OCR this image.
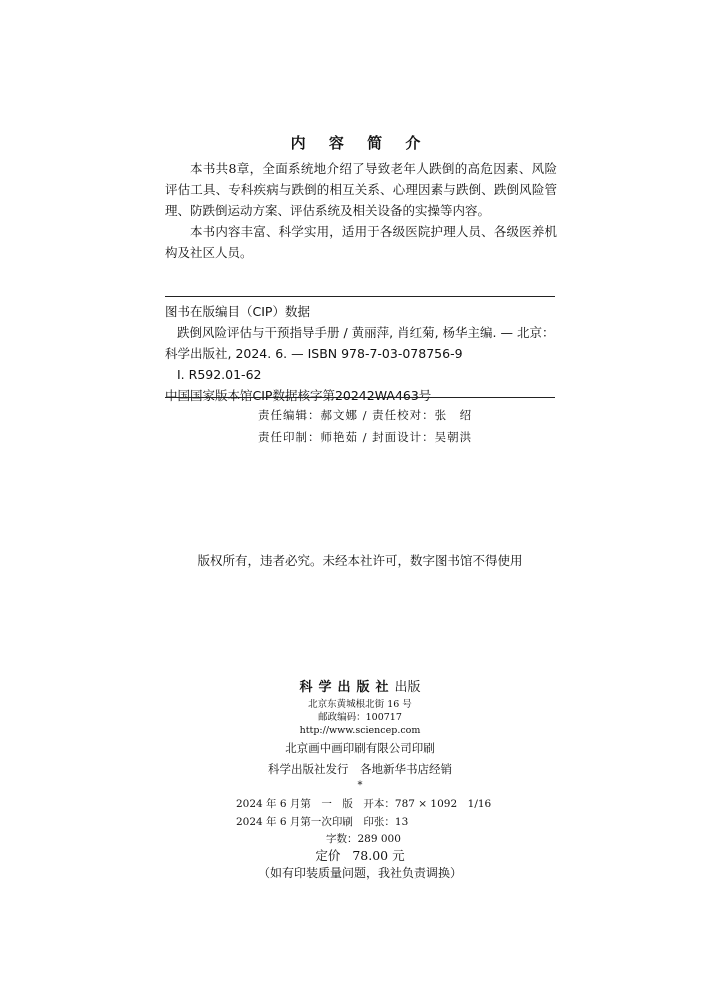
内 容 简 介

本书共8章，全面系统地介绍了导致老年人跌倒的高危因素、风险评估工具、专科疾病与跌倒的相互关系、心理因素与跌倒、跌倒风险管理、防跌倒运动方案、评估系统及相关设备的实操等内容。

本书内容丰富、科学实用，适用于各级医院护理人员、各级医养机构及社区人员。

图书在版编目（CIP）数据
跌倒风险评估与干预指导手册 / 黄丽萍, 肖红菊, 杨华主编. — 北京：科学出版社, 2024. 6. — ISBN 978-7-03-078756-9
Ⅰ. R592.01-62
中国国家版本馆CIP数据核字第20242WA463号
责任编辑：郝文娜 / 责任校对：张　绍
责任印制：师艳茹 / 封面设计：吴朝洪
版权所有，违者必究。未经本社许可，数字图书馆不得使用
科学出版社出版
北京东黄城根北街 16 号
邮政编码：100717
http://www.sciencep.com
北京画中画印刷有限公司印刷
科学出版社发行　各地新华书店经销
*
2024 年 6 月第　一　版　开本：787 × 1092　1/16
2024 年 6 月第一次印刷　印张：13
字数：289 000
定价 78.00 元
（如有印装质量问题，我社负责调换）
